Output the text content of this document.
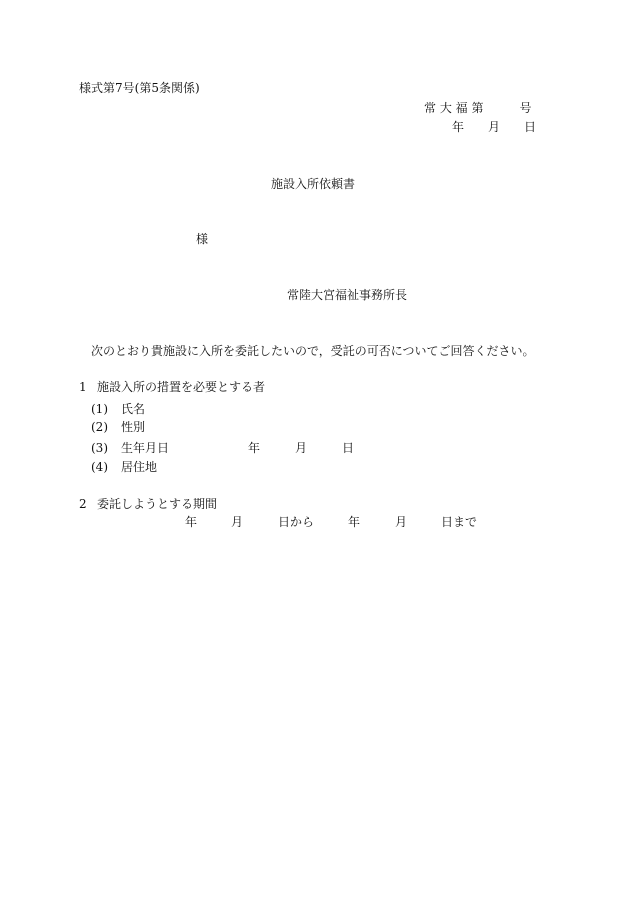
様式第7号(第5条関係)
常 大 福 第　　　号
年　　月　　日
施設入所依頼書
様
常陸大宮福祉事務所長
次のとおり貴施設に入所を委託したいので，受託の可否についてご回答ください。
1 施設入所の措置を必要とする者
(1) 氏名
(2) 性別
(3) 生年月日	年	月	日
(4) 居住地
2 委託しようとする期間
年	月	日から	年	月	日まで
